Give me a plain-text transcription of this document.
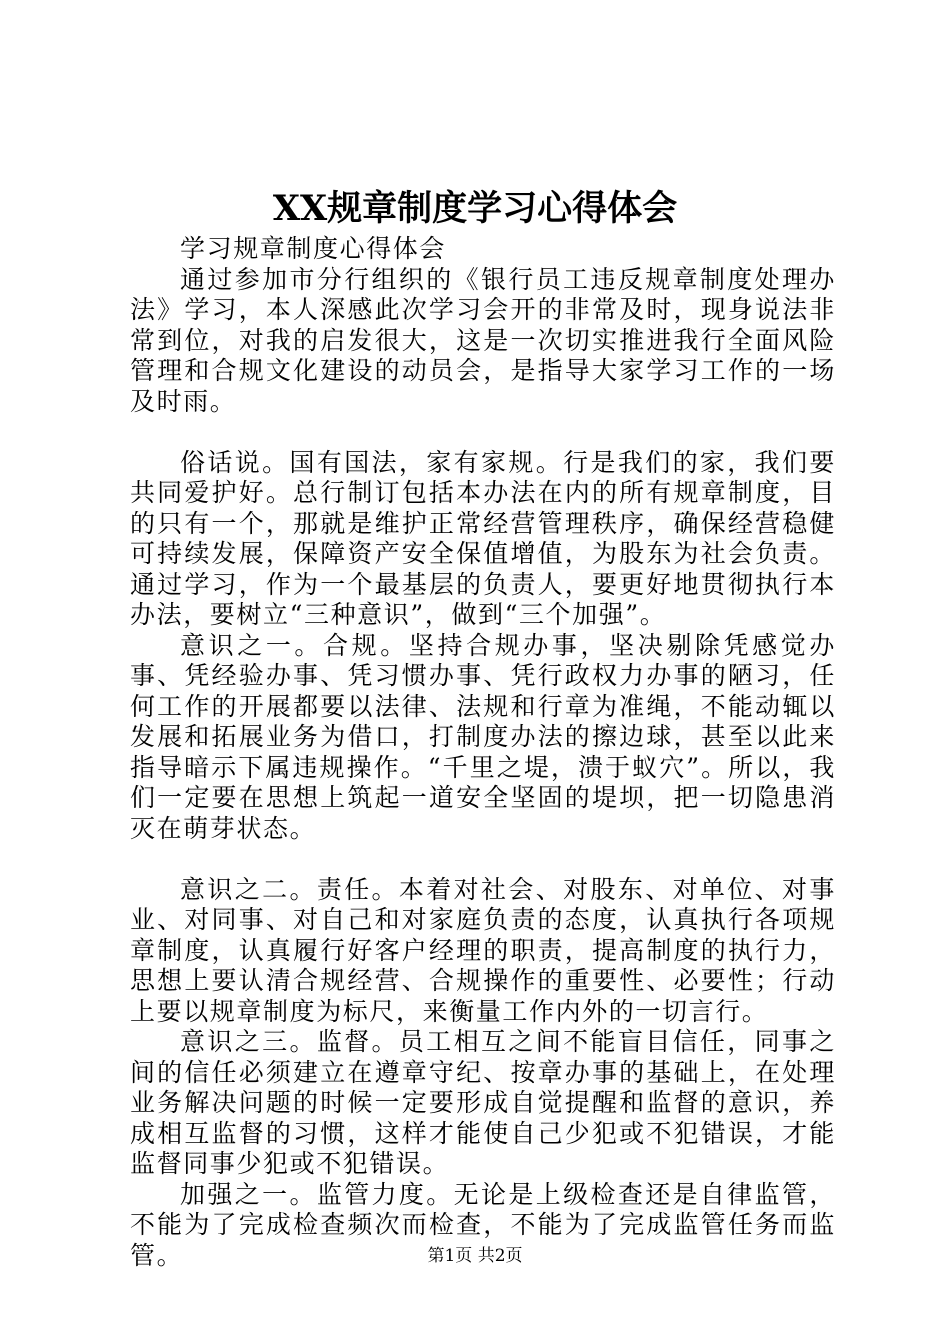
XX规章制度学习心得体会

学习规章制度心得体会

通过参加市分行组织的《银行员工违反规章制度处理办法》学习，本人深感此次学习会开的非常及时，现身说法非常到位，对我的启发很大，这是一次切实推进我行全面风险管理和合规文化建设的动员会，是指导大家学习工作的一场及时雨。

俗话说。国有国法，家有家规。行是我们的家，我们要共同爱护好。总行制订包括本办法在内的所有规章制度，目的只有一个，那就是维护正常经营管理秩序，确保经营稳健可持续发展，保障资产安全保值增值，为股东为社会负责。通过学习，作为一个最基层的负责人，要更好地贯彻执行本办法，要树立“三种意识”，做到“三个加强”。

意识之一。合规。坚持合规办事，坚决剔除凭感觉办事、凭经验办事、凭习惯办事、凭行政权力办事的陋习，任何工作的开展都要以法律、法规和行章为准绳，不能动辄以发展和拓展业务为借口，打制度办法的擦边球，甚至以此来指导暗示下属违规操作。“千里之堤，溃于蚁穴”。所以，我们一定要在思想上筑起一道安全坚固的堤坝，把一切隐患消灭在萌芽状态。

意识之二。责任。本着对社会、对股东、对单位、对事业、对同事、对自己和对家庭负责的态度，认真执行各项规章制度，认真履行好客户经理的职责，提高制度的执行力，思想上要认清合规经营、合规操作的重要性、必要性；行动上要以规章制度为标尺，来衡量工作内外的一切言行。

意识之三。监督。员工相互之间不能盲目信任，同事之间的信任必须建立在遵章守纪、按章办事的基础上，在处理业务解决问题的时候一定要形成自觉提醒和监督的意识，养成相互监督的习惯，这样才能使自己少犯或不犯错误，才能监督同事少犯或不犯错误。

加强之一。监管力度。无论是上级检查还是自律监管，不能为了完成检查频次而检查，不能为了完成监管任务而监管。	第1页 共2页
